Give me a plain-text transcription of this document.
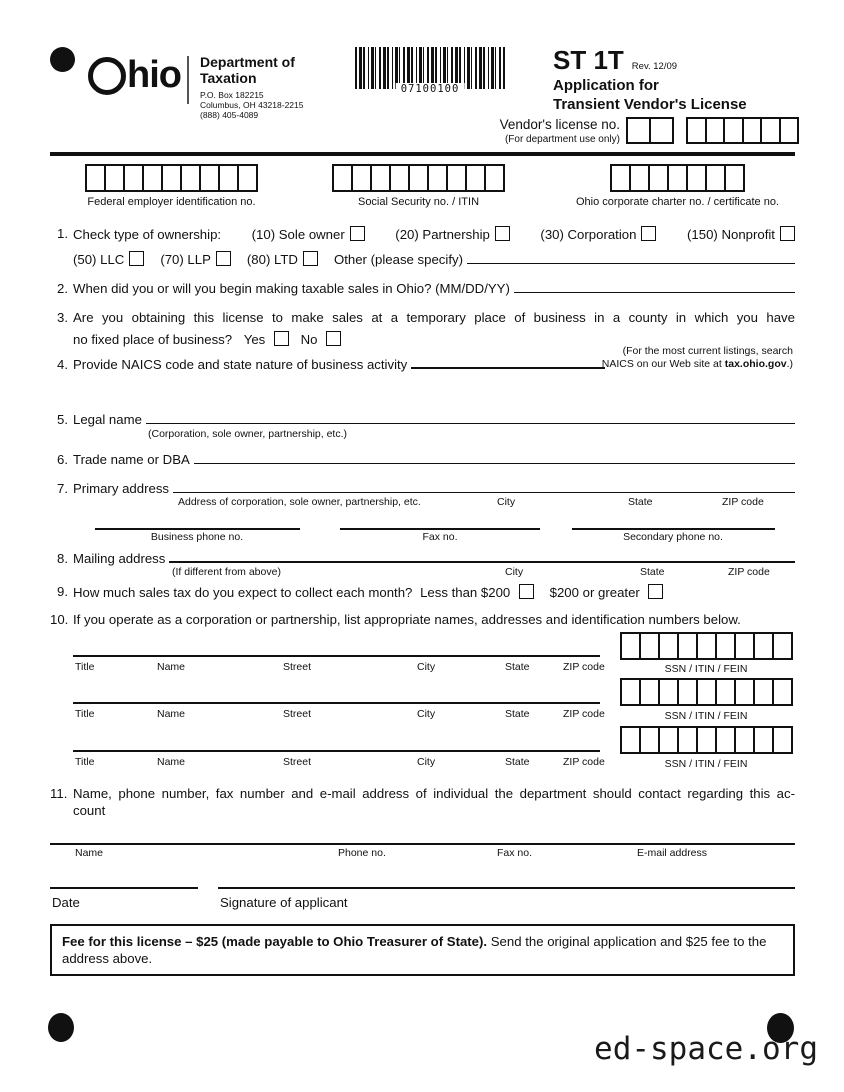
hio Department of
Taxation
P.O. Box 182215
Columbus, OH 43218-2215
(888) 405-4089
07100100
ST 1T Rev. 12/09
Application for
Transient Vendor's License
Vendor's license no.
(For department use only)
Federal employer identification no.	Social Security no. / ITIN	Ohio corporate charter no. / certificate no.
1. Check type of ownership: (10) Sole owner	(20) Partnership	(30) Corporation	(150) Nonprofit
(50) LLC	(70) LLP	(80) LTD	Other (please specify)
2. When did you or will you begin making taxable sales in Ohio? (MM/DD/YY)
3. Are you obtaining this license to make sales at a temporary place of business in a county in which you have
no fixed place of business? Yes	No
(For the most current listings, search
NAICS on our Web site at tax.ohio.gov.)
4. Provide NAICS code and state nature of business activity
5. Legal name
(Corporation, sole owner, partnership, etc.)
6. Trade name or DBA
7. Primary address
Address of corporation, sole owner, partnership, etc.	City	State	ZIP code
Business phone no.	Fax no.	Secondary phone no.
8. Mailing address
(If different from above)	City	State	ZIP code
9. How much sales tax do you expect to collect each month? Less than $200	$200 or greater
10. If you operate as a corporation or partnership, list appropriate names, addresses and identification numbers below.
Title	Name	Street	City	State	ZIP code	SSN / ITIN / FEIN
Title	Name	Street	City	State	ZIP code	SSN / ITIN / FEIN
Title	Name	Street	City	State	ZIP code	SSN / ITIN / FEIN
11. Name, phone number, fax number and e-mail address of individual the department should contact regarding this ac-
count
Name	Phone no.	Fax no.	E-mail address
Date	Signature of applicant
Fee for this license – $25 (made payable to Ohio Treasurer of State). Send the original application and $25 fee to the address above.
ed-space.org
